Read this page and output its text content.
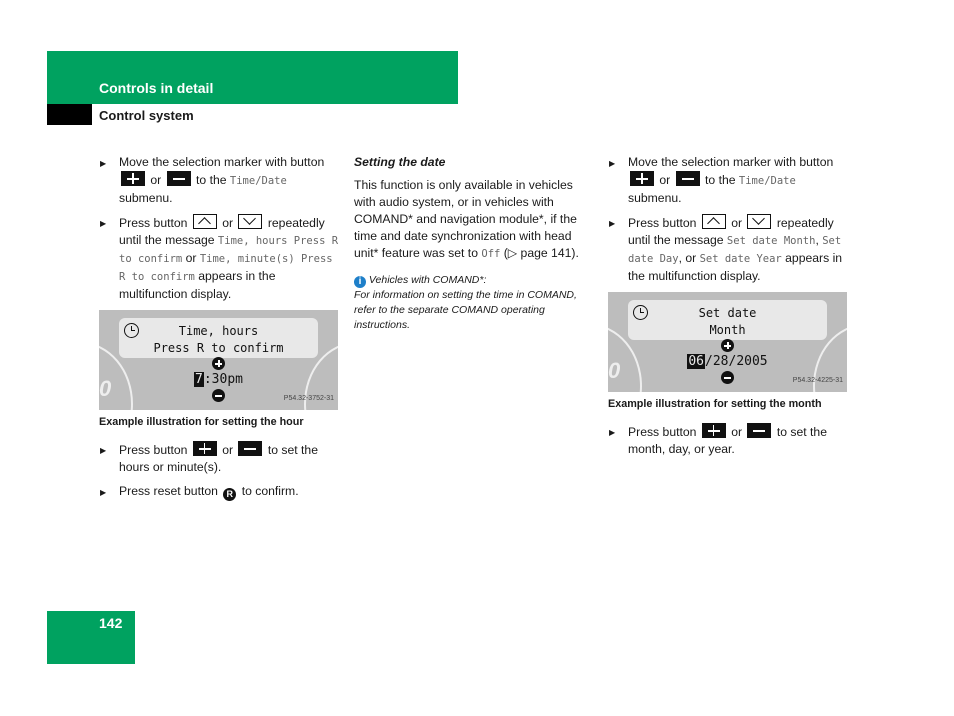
Controls in detail
Control system
▶ Move the selection marker with button  or	to the Time/Date submenu.
▶ Press button	or	repeatedly until the message Time, hours Press R to confirm or Time, minute(s) Press R to confirm appears in the multifunction display.
0
Time, hours
Press R to confirm
7:30pm
P54.32-3752-31
Example illustration for setting the hour
▶ Press button	or	to set the hours or minute(s).
▶ Press reset button R to confirm.
Setting the date
This function is only available in vehicles with audio system, or in vehicles with COMAND* and navigation module*, if the time and date synchronization with head unit* feature was set to Off (▷ page 141).
i Vehicles with COMAND*:
For information on setting the time in COMAND, refer to the separate COMAND operating instructions.
▶ Move the selection marker with button  or	to the Time/Date submenu.
▶ Press button	or	repeatedly until the message Set date Month, Set date Day, or Set date Year appears in the multifunction display.
0
Set date
Month
06/28/2005
P54.32-4225-31
Example illustration for setting the month
▶ Press button	or	to set the month, day, or year.
142
